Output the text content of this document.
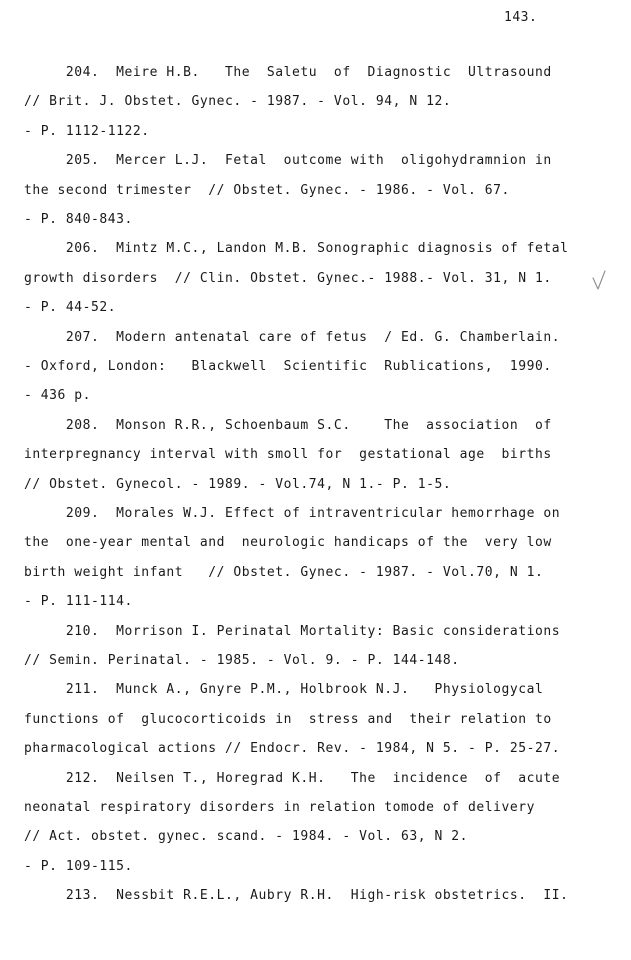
143.
204.  Meire H.B.   The  Saletu  of  Diagnostic  Ultrasound
// Brit. J. Obstet. Gynec. - 1987. - Vol. 94, N 12.
- P. 1112-1122.
205.  Mercer L.J.  Fetal  outcome with  oligohydramnion in
the second trimester  // Obstet. Gynec. - 1986. - Vol. 67.
- P. 840-843.
206.  Mintz M.C., Landon M.B. Sonographic diagnosis of fetal
growth disorders  // Clin. Obstet. Gynec.- 1988.- Vol. 31, N 1.
- P. 44-52.
207.  Modern antenatal care of fetus  / Ed. G. Chamberlain.
- Oxford, London:   Blackwell  Scientific  Rublications,  1990.
- 436 p.
208.  Monson R.R., Schoenbaum S.C.    The  association  of
interpregnancy interval with smoll for  gestational age  births
// Obstet. Gynecol. - 1989. - Vol.74, N 1.- P. 1-5.
209.  Morales W.J. Effect of intraventricular hemorrhage on
the  one-year mental and  neurologic handicaps of the  very low
birth weight infant   // Obstet. Gynec. - 1987. - Vol.70, N 1.
- P. 111-114.
210.  Morrison I. Perinatal Mortality: Basic considerations
// Semin. Perinatal. - 1985. - Vol. 9. - P. 144-148.
211.  Munck A., Gnyre P.M., Holbrook N.J.   Physiologycal
functions of  glucocorticoids in  stress and  their relation to
pharmacological actions // Endocr. Rev. - 1984, N 5. - P. 25-27.
212.  Neilsen T., Horegrad K.H.   The  incidence  of  acute
neonatal respiratory disorders in relation tomode of delivery
// Act. obstet. gynec. scand. - 1984. - Vol. 63, N 2.
- P. 109-115.
213.  Nessbit R.E.L., Aubry R.H.  High-risk obstetrics.  II.
